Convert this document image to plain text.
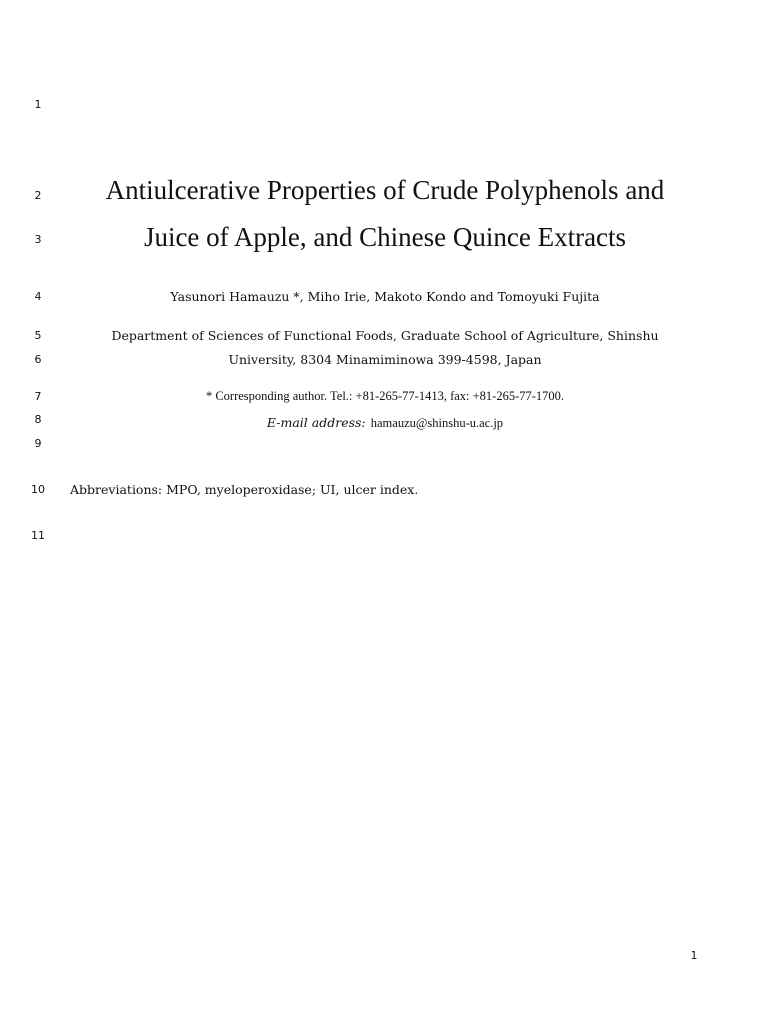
1
2
3
4
5
6
7
8
9
10
11
Antiulcerative Properties of Crude Polyphenols and
Juice of Apple, and Chinese Quince Extracts
Yasunori Hamauzu *, Miho Irie, Makoto Kondo and Tomoyuki Fujita
Department of Sciences of Functional Foods, Graduate School of Agriculture, Shinshu
University, 8304 Minamiminowa 399-4598, Japan
* Corresponding author. Tel.: +81-265-77-1413, fax: +81-265-77-1700.
E-mail address: hamauzu@shinshu-u.ac.jp
Abbreviations: MPO, myeloperoxidase; UI, ulcer index.
1
